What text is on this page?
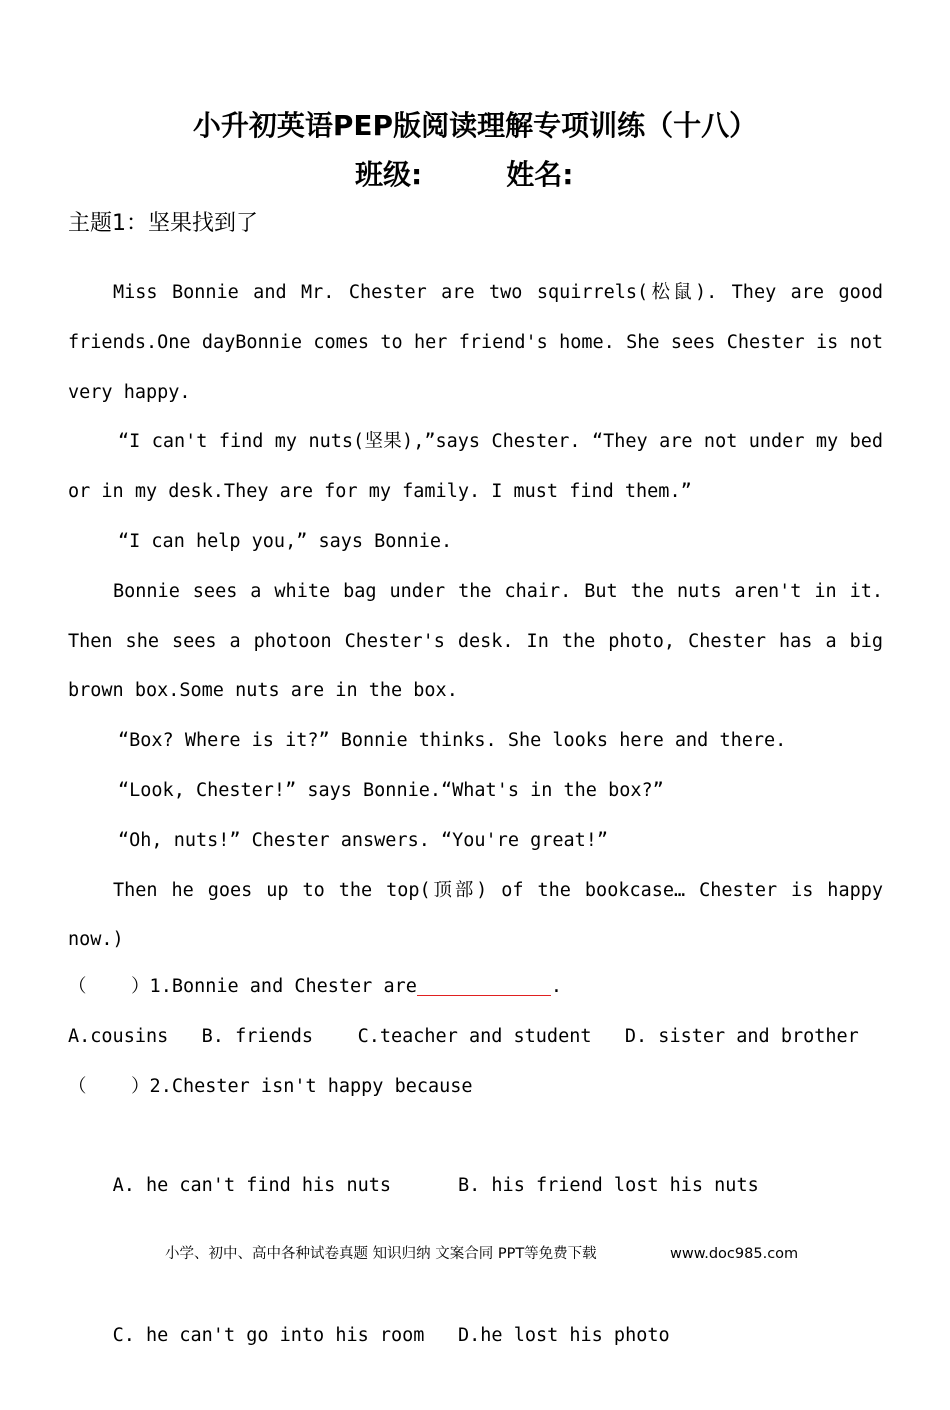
小升初英语PEP版阅读理解专项训练（十八）
班级:	姓名:
主题1：坚果找到了

Miss Bonnie and Mr. Chester are two squirrels(松鼠). They are good friends.One dayBonnie comes to her friend's home. She sees Chester is not very happy.

“I can't find my nuts(坚果),”says Chester. “They are not under my bed or in my desk.They are for my family. I must find them.”

“I can help you,” says Bonnie.

Bonnie sees a white bag under the chair. But the nuts aren't in it. Then she sees a photoon Chester's desk. In the photo, Chester has a big brown box.Some nuts are in the box.

“Box? Where is it?” Bonnie thinks. She looks here and there.

“Look, Chester!” says Bonnie.“What's in the box?”

“Oh, nuts!” Chester answers. “You're great!”

Then he goes up to the top(顶部) of the bookcase… Chester is happy now.)

（    ）1.Bonnie and Chester are	.
A.cousins   B. friends    C.teacher and student   D. sister and brother
（    ）2.Chester isn't happy because

A. he can't find his nuts	B. his friend lost his nuts

C. he can't go into his room D.he lost his photo

小学、初中、高中各种试卷真题 知识归纳 文案合同 PPT等免费下载	www.doc985.com
